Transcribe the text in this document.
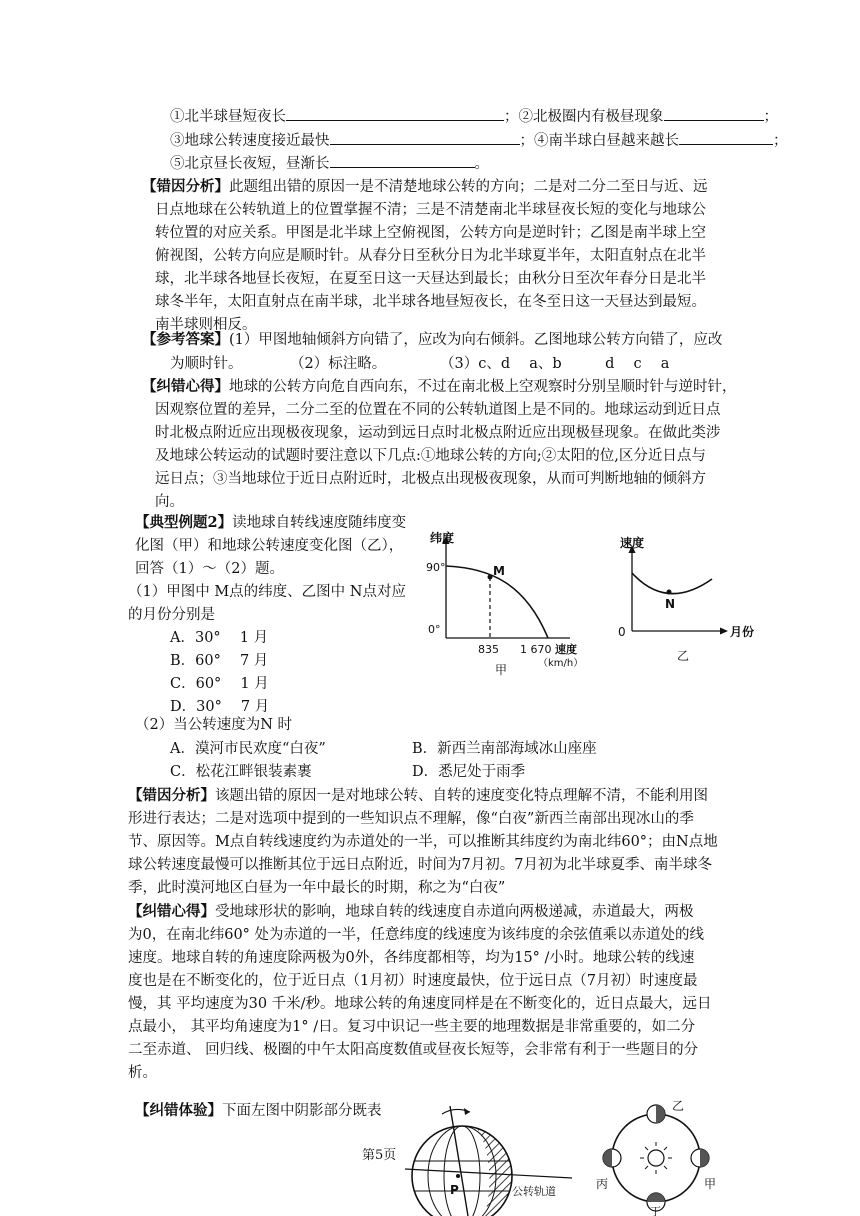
①北半球昼短夜长	；②北极圈内有极昼现象	；
③地球公转速度接近最快	；④南半球白昼越来越长	；
⑤北京昼长夜短，昼渐长	。
【错因分析】此题组出错的原因一是不清楚地球公转的方向；二是对二分二至日与近、远
日点地球在公转轨道上的位置掌握不清；三是不清楚南北半球昼夜长短的变化与地球公
转位置的对应关系。甲图是北半球上空俯视图，公转方向是逆时针；乙图是南半球上空
俯视图，公转方向应是顺时针。从春分日至秋分日为北半球夏半年，太阳直射点在北半
球，北半球各地昼长夜短，在夏至日这一天昼达到最长；由秋分日至次年春分日是北半
球冬半年，太阳直射点在南半球，北半球各地昼短夜长，在冬至日这一天昼达到最短。
南半球则相反。
【参考答案】(1）甲图地轴倾斜方向错了，应改为向右倾斜。乙图地球公转方向错了，应改
为顺时针。	（2）标注略。	（3）c、d　 a、b　　　d　 c　 a
【纠错心得】地球的公转方向危自西向东，不过在南北极上空观察时分别呈顺时针与逆时针，
因观察位置的差异，二分二至的位置在不同的公转轨道图上是不同的。地球运动到近日点
时北极点附近应出现极夜现象，运动到远日点时北极点附近应出现极昼现象。在做此类涉
及地球公转运动的试题时要注意以下几点:①地球公转的方向;②太阳的位,区分近日点与
远日点；③当地球位于近日点附近时，北极点出现极夜现象，从而可判断地轴的倾斜方
向。
【典型例题2】读地球自转线速度随纬度变
化图（甲）和地球公转速度变化图（乙），
回答（1）～（2）题。
（1）甲图中 M点的纬度、乙图中 N点对应
的月份分别是
A．30°　 1 月
B．60°　 7 月
C．60°　 1 月
D．30°　 7 月
（2）当公转速度为N 时
A．漠河市民欢度“白夜”	B．新西兰南部海域冰山座座
C．松花江畔银装素裹	D．悉尼处于雨季
纬度
90°
0°
M
835 1 670 速度
（km/h）
甲
速度
0
N
月份
乙
【错因分析】该题出错的原因一是对地球公转、自转的速度变化特点理解不清，不能利用图
形进行表达；二是对选项中提到的一些知识点不理解，像“白夜”新西兰南部出现冰山的季
节、原因等。M点自转线速度约为赤道处的一半，可以推断其纬度约为南北纬60°；由N点地
球公转速度最慢可以推断其位于远日点附近，时间为7月初。7月初为北半球夏季、南半球冬
季，此时漠河地区白昼为一年中最长的时期，称之为“白夜”
【纠错心得】受地球形状的影响，地球自转的线速度自赤道向两极递减，赤道最大，两极
为0，在南北纬60° 处为赤道的一半，任意纬度的线速度为该纬度的余弦值乘以赤道处的线
速度。地球自转的角速度除两极为0外，各纬度都相等，均为15° ∕小时。地球公转的线速
度也是在不断变化的，位于近日点（1月初）时速度最快，位于远日点（7月初）时速度最
慢，其 平均速度为30 千米∕秒。地球公转的角速度同样是在不断变化的，近日点最大，远日
点最小， 其平均角速度为1° ∕日。复习中识记一些主要的地理数据是非常重要的，如二分
二至赤道、 回归线、极圈的中午太阳高度数值或昼夜长短等，会非常有利于一些题目的分
析。
【纠错体验】下面左图中阴影部分既表
第5页
P	公转轨道
乙
丙	甲
丁
